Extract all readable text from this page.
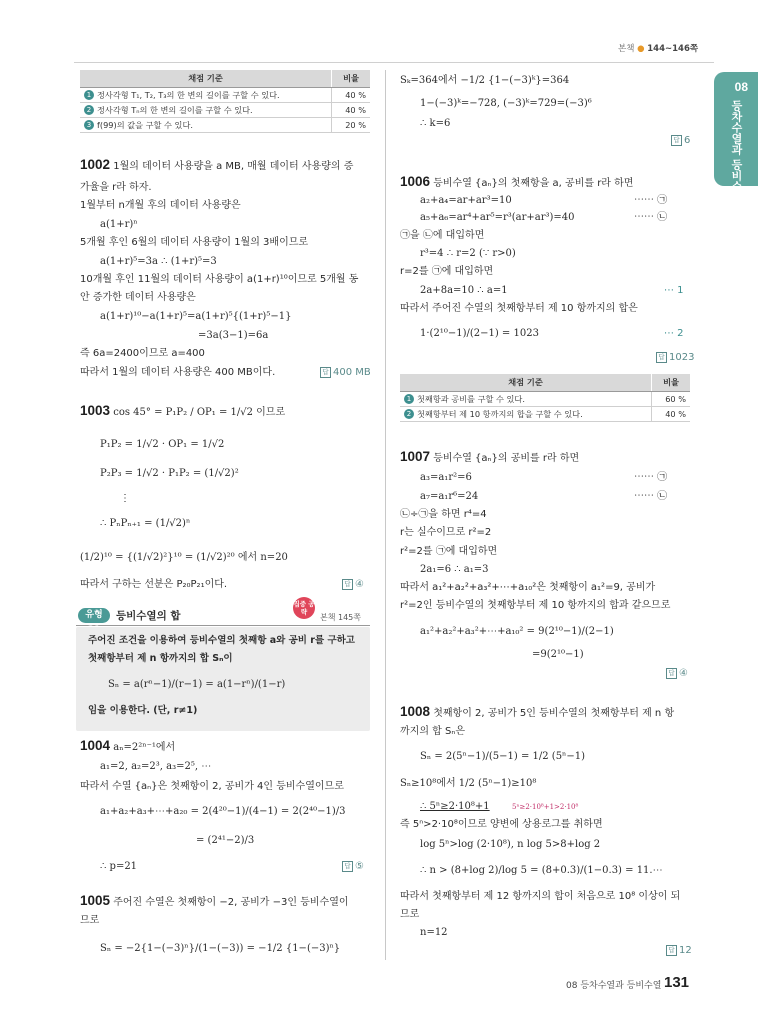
본책 ● 144~146쪽
08
등차수열과 등비수열
채점 기준	비율
1 정사각형 T₁, T₂, T₃의 한 변의 길이를 구할 수 있다.	40 %
2 정사각형 Tₙ의 한 변의 길이를 구할 수 있다.	40 %
3 f(99)의 값을 구할 수 있다.	20 %
1002 1월의 데이터 사용량을 a MB, 매월 데이터 사용량의 증
가율을 r라 하자.
1월부터 n개월 후의 데이터 사용량은
a(1+r)ⁿ
5개월 후인 6월의 데이터 사용량이 1월의 3배이므로
a(1+r)⁵=3a ∴ (1+r)⁵=3
10개월 후인 11월의 데이터 사용량이 a(1+r)¹⁰이므로 5개월 동
안 증가한 데이터 사용량은
a(1+r)¹⁰−a(1+r)⁵=a(1+r)⁵{(1+r)⁵−1}
=3a(3−1)=6a
즉 6a=2400이므로 a=400
따라서 1월의 데이터 사용량은 400 MB이다.	답 400 MB
1003 cos 45° = P₁P₂ / OP₁ = 1/√2 이므로
P₁P₂ = 1/√2 · OP₁ = 1/√2
P₂P₃ = 1/√2 · P₁P₂ = (1/√2)²
⋮
∴ PₙPₙ₊₁ = (1/√2)ⁿ
(1/2)¹⁰ = {(1/√2)²}¹⁰ = (1/√2)²⁰ 에서 n=20
따라서 구하는 선분은 P₂₀P₂₁이다.	답 ④
유형	등비수열의 합
집중 공략
본책 145쪽
주어진 조건을 이용하여 등비수열의 첫째항 a와 공비 r를 구하고
첫째항부터 제 n 항까지의 합 Sₙ이
Sₙ = a(rⁿ−1)/(r−1) = a(1−rⁿ)/(1−r)
임을 이용한다. (단, r≠1)
1004 aₙ=2²ⁿ⁻¹에서
a₁=2, a₂=2³, a₃=2⁵, ⋯
따라서 수열 {aₙ}은 첫째항이 2, 공비가 4인 등비수열이므로
a₁+a₂+a₃+⋯+a₂₀ = 2(4²⁰−1)/(4−1) = 2(2⁴⁰−1)/3
= (2⁴¹−2)/3
∴ p=21	답 ⑤
1005 주어진 수열은 첫째항이 −2, 공비가 −3인 등비수열이
므로
Sₙ = −2{1−(−3)ⁿ}/(1−(−3)) = −1/2 {1−(−3)ⁿ}
Sₖ=364에서 −1/2 {1−(−3)ᵏ}=364
1−(−3)ᵏ=−728, (−3)ᵏ=729=(−3)⁶
∴ k=6
답 6
1006 등비수열 {aₙ}의 첫째항을 a, 공비를 r라 하면
a₂+a₄=ar+ar³=10	⋯⋯ ㉠
a₅+a₆=ar⁴+ar⁵=r³(ar+ar³)=40	⋯⋯ ㉡
㉠을 ㉡에 대입하면
r³=4 ∴ r=2 (∵ r>0)
r=2를 ㉠에 대입하면
2a+8a=10 ∴ a=1	⋯ 1
따라서 주어진 수열의 첫째항부터 제 10 항까지의 합은
1·(2¹⁰−1)/(2−1) = 1023	⋯ 2
답 1023
채점 기준	비율
1 첫째항과 공비를 구할 수 있다.	60 %
2 첫째항부터 제 10 항까지의 합을 구할 수 있다.	40 %
1007 등비수열 {aₙ}의 공비를 r라 하면
a₃=a₁r²=6	⋯⋯ ㉠
a₇=a₁r⁶=24	⋯⋯ ㉡
㉡÷㉠을 하면 r⁴=4
r는 실수이므로 r²=2
r²=2를 ㉠에 대입하면
2a₁=6 ∴ a₁=3
따라서 a₁²+a₂²+a₃²+⋯+a₁₀²은 첫째항이 a₁²=9, 공비가
r²=2인 등비수열의 첫째항부터 제 10 항까지의 합과 같으므로
a₁²+a₂²+a₃²+⋯+a₁₀² = 9(2¹⁰−1)/(2−1)
=9(2¹⁰−1)
답 ④
1008 첫째항이 2, 공비가 5인 등비수열의 첫째항부터 제 n 항
까지의 합 Sₙ은
Sₙ = 2(5ⁿ−1)/(5−1) = 1/2 (5ⁿ−1)
Sₙ≥10⁸에서 1/2 (5ⁿ−1)≥10⁸
∴ 5ⁿ≥2·10⁸+1	5ⁿ≥2·10⁸+1>2·10⁸
즉 5ⁿ>2·10⁸이므로 양변에 상용로그를 취하면
log 5ⁿ>log (2·10⁸), n log 5>8+log 2
∴ n > (8+log 2)/log 5 = (8+0.3)/(1−0.3) = 11.⋯
따라서 첫째항부터 제 12 항까지의 합이 처음으로 10⁸ 이상이 되
므로
n=12
답 12
08 등차수열과 등비수열 131
